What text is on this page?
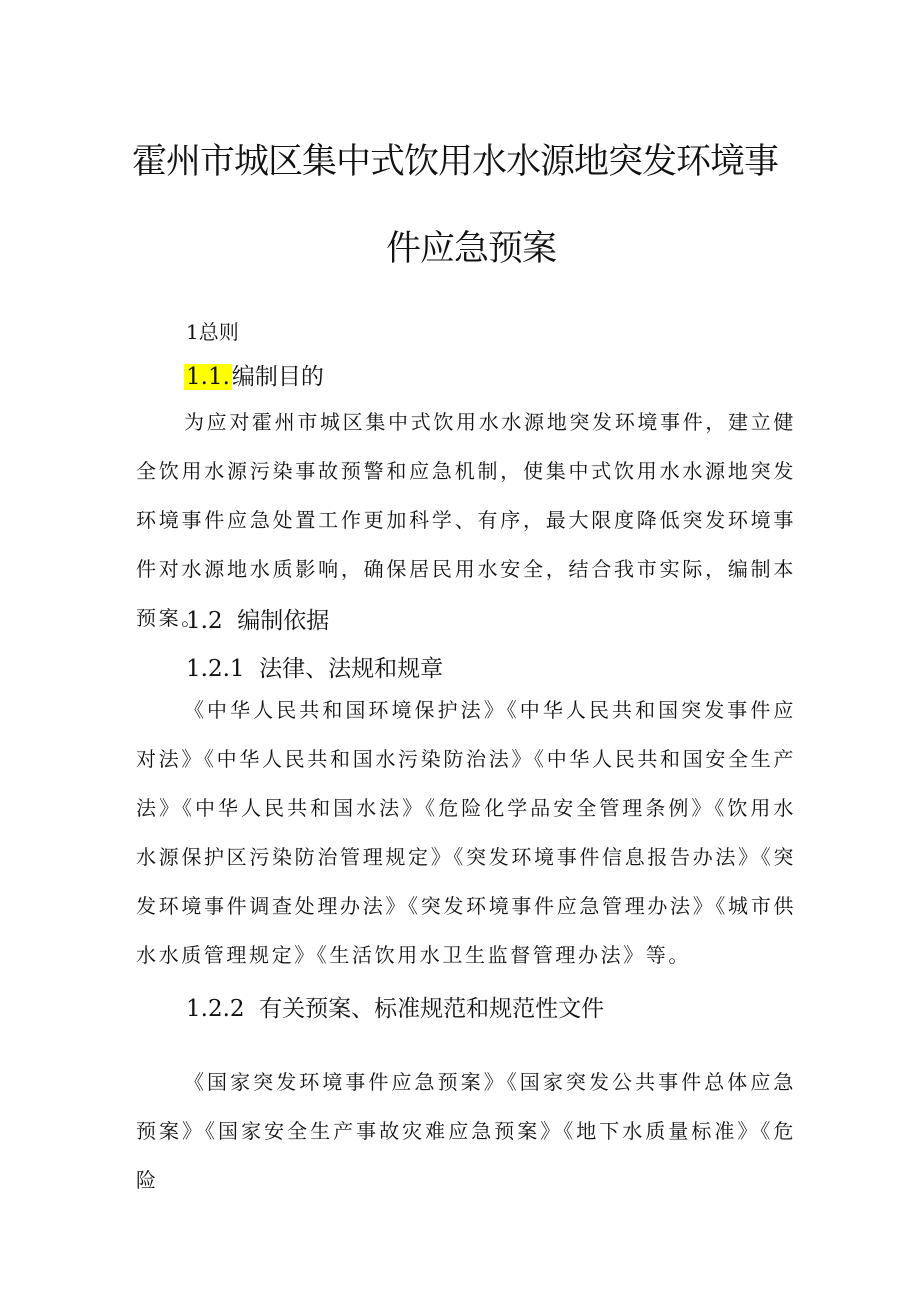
霍州市城区集中式饮用水水源地突发环境事
件应急预案

1总则

1.1.编制目的

为应对霍州市城区集中式饮用水水源地突发环境事件，建立健全饮用水源污染事故预警和应急机制，使集中式饮用水水源地突发环境事件应急处置工作更加科学、有序，最大限度降低突发环境事件对水源地水质影响，确保居民用水安全，结合我市实际，编制本预案。

1.2  编制依据

1.2.1  法律、法规和规章

《中华人民共和国环境保护法》《中华人民共和国突发事件应对法》《中华人民共和国水污染防治法》《中华人民共和国安全生产法》《中华人民共和国水法》《危险化学品安全管理条例》《饮用水水源保护区污染防治管理规定》《突发环境事件信息报告办法》《突发环境事件调查处理办法》《突发环境事件应急管理办法》《城市供水水质管理规定》《生活饮用水卫生监督管理办法》等。

1.2.2  有关预案、标准规范和规范性文件

《国家突发环境事件应急预案》《国家突发公共事件总体应急预案》《国家安全生产事故灾难应急预案》《地下水质量标准》《危险
